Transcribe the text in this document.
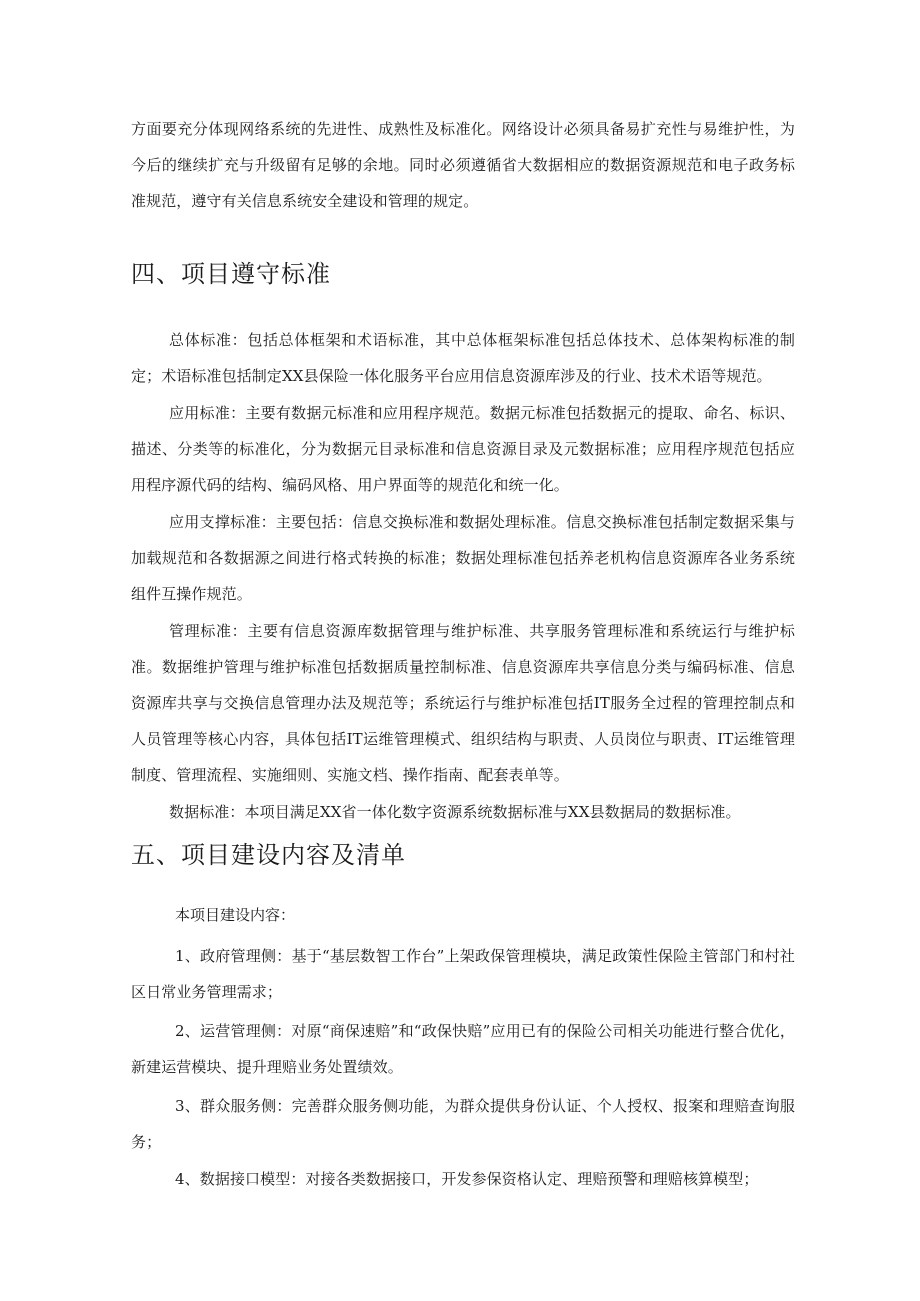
方面要充分体现网络系统的先进性、成熟性及标准化。网络设计必须具备易扩充性与易维护性，为今后的继续扩充与升级留有足够的余地。同时必须遵循省大数据相应的数据资源规范和电子政务标准规范，遵守有关信息系统安全建设和管理的规定。

四、项目遵守标准

总体标准：包括总体框架和术语标准，其中总体框架标准包括总体技术、总体架构标准的制定；术语标准包括制定XX县保险一体化服务平台应用信息资源库涉及的行业、技术术语等规范。

应用标准：主要有数据元标准和应用程序规范。数据元标准包括数据元的提取、命名、标识、描述、分类等的标准化，分为数据元目录标准和信息资源目录及元数据标准；应用程序规范包括应用程序源代码的结构、编码风格、用户界面等的规范化和统一化。

应用支撑标准：主要包括：信息交换标准和数据处理标准。信息交换标准包括制定数据采集与加载规范和各数据源之间进行格式转换的标准；数据处理标准包括养老机构信息资源库各业务系统组件互操作规范。

管理标准：主要有信息资源库数据管理与维护标准、共享服务管理标准和系统运行与维护标准。数据维护管理与维护标准包括数据质量控制标准、信息资源库共享信息分类与编码标准、信息资源库共享与交换信息管理办法及规范等；系统运行与维护标准包括IT服务全过程的管理控制点和人员管理等核心内容，具体包括IT运维管理模式、组织结构与职责、人员岗位与职责、IT运维管理制度、管理流程、实施细则、实施文档、操作指南、配套表单等。

数据标准：本项目满足XX省一体化数字资源系统数据标准与XX县数据局的数据标准。

五、项目建设内容及清单

本项目建设内容：

1、政府管理侧：基于“基层数智工作台”上架政保管理模块，满足政策性保险主管部门和村社区日常业务管理需求；

2、运营管理侧：对原“商保速赔”和“政保快赔”应用已有的保险公司相关功能进行整合优化，新建运营模块、提升理赔业务处置绩效。

3、群众服务侧：完善群众服务侧功能，为群众提供身份认证、个人授权、报案和理赔查询服务；

4、数据接口模型：对接各类数据接口，开发参保资格认定、理赔预警和理赔核算模型；
